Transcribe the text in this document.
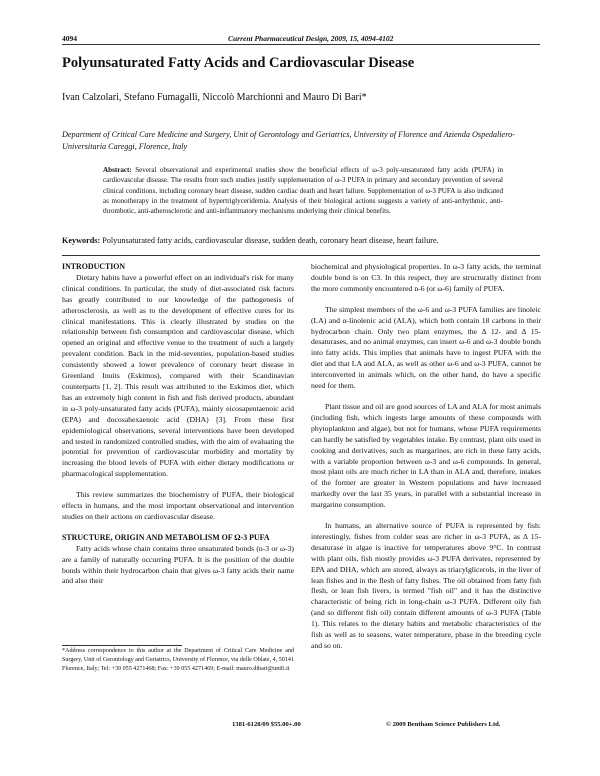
4094	Current Pharmaceutical Design, 2009, 15, 4094-4102
Polyunsaturated Fatty Acids and Cardiovascular Disease
Ivan Calzolari, Stefano Fumagalli, Niccolò Marchionni and Mauro Di Bari*
Department of Critical Care Medicine and Surgery, Unit of Gerontology and Geriatrics, University of Florence and Azienda Ospedaliero-Universitaria Careggi, Florence, Italy
Abstract: Several observational and experimental studies show the beneficial effects of ω-3 poly-unsaturated fatty acids (PUFA) in cardiovascular disease. The results from such studies justify supplementation of ω-3 PUFA in primary and secondary prevention of several clinical conditions, including coronary heart disease, sudden cardiac death and heart failure. Supplementation of ω-3 PUFA is also indicated as monotherapy in the treatment of hypertriglyceridemia. Analysis of their biological actions suggests a variety of anti-arrhythmic, anti-thrombotic, anti-atherosclerotic and anti-inflammatory mechanisms underlying their clinical benefits.
Keywords: Polyunsaturated fatty acids, cardiovascular disease, sudden death, coronary heart disease, heart failure.

INTRODUCTION

Dietary habits have a powerful effect on an individual's risk for many clinical conditions. In particular, the study of diet-associated risk factors has greatly contributed to our knowledge of the pathogenesis of atherosclerosis, as well as to the development of effective cures for its clinical manifestations. This is clearly illustrated by studies on the relationship between fish consumption and cardiovascular disease, which opened an original and effective venue to the treatment of such a largely prevalent condition. Back in the mid-seventies, population-based studies consistently showed a lower prevalence of coronary heart disease in Greenland Inuits (Eskimos), compared with their Scandinavian counterparts [1, 2]. This result was attributed to the Eskimos diet, which has an extremely high content in fish and fish derived products, abundant in ω-3 poly-unsaturated fatty acids (PUFA), mainly eicosapentaenoic acid (EPA) and docosahexaenoic acid (DHA) [3]. From these first epidemiological observations, several interventions have been developed and tested in randomized controlled studies, with the aim of evaluating the potential for prevention of cardiovascular morbidity and mortality by increasing the blood levels of PUFA with either dietary modifications or pharmacological supplementation.

This review summarizes the biochemistry of PUFA, their biological effects in humans, and the most important observational and intervention studies on their actions on cardiovascular disease.

STRUCTURE, ORIGIN AND METABOLISM OF Ω-3 PUFA

Fatty acids whose chain contains three unsaturated bonds (n-3 or ω-3) are a family of naturally occurring PUFA. It is the position of the double bonds within their hydrocarbon chain that gives ω-3 fatty acids their name and also their

*Address correspondence to this author at the Department of Critical Care Medicine and Surgery, Unit of Gerontology and Geriatrics, University of Florence, via delle Oblate, 4, 50141 Florence, Italy; Tel: +39 055 4271468; Fax: +39 055 4271469; E-mail: mauro.dibari@unifi.it

biochemical and physiological properties. In ω-3 fatty acids, the terminal double bond is on C3. In this respect, they are structurally distinct from the more commonly encountered n-6 (or ω-6) family of PUFA.

The simplest members of the ω-6 and ω-3 PUFA families are linoleic (LA) and α-linolenic acid (ALA), which both contain 18 carbons in their hydrocarbon chain. Only two plant enzymes, the Δ 12- and Δ 15-desaturases, and no animal enzymes, can insert ω-6 and ω-3 double bonds into fatty acids. This implies that animals have to ingest PUFA with the diet and that LA and ALA, as well as other ω-6 and ω-3 PUFA, cannot be interconverted in animals which, on the other hand, do have a specific need for them.

Plant tissue and oil are good sources of LA and ALA for most animals (including fish, which ingests large amounts of these compounds with phytoplankton and algae), but not for humans, whose PUFA requirements can hardly be satisfied by vegetables intake. By contrast, plant oils used in cooking and derivatives, such as margarines, are rich in these fatty acids, with a variable proportion between ω-3 and ω-6 compounds. In general, most plant oils are much richer in LA than in ALA and, therefore, intakes of the former are greater in Western populations and have increased markedly over the last 35 years, in parallel with a substantial increase in margarine consumption.

In humans, an alternative source of PUFA is represented by fish: interestingly, fishes from colder seas are richer in ω-3 PUFA, as Δ 15-desaturase in algae is inactive for temperatures above 9°C. In contrast with plant oils, fish mostly provides ω-3 PUFA derivates, represented by EPA and DHA, which are stored, always as triacylglicerols, in the liver of lean fishes and in the flesh of fatty fishes. The oil obtained from fatty fish flesh, or lean fish livers, is termed "fish oil" and it has the distinctive characteristic of being rich in long-chain ω-3 PUFA. Different oily fish (and so different fish oil) contain different amounts of ω-3 PUFA (Table 1). This relates to the dietary habits and metabolic characteristics of the fish as well as to seasons, water temperature, phase in the breeding cycle and so on.

1381-6128/09 $55.00+.00	© 2009 Bentham Science Publishers Ltd.
